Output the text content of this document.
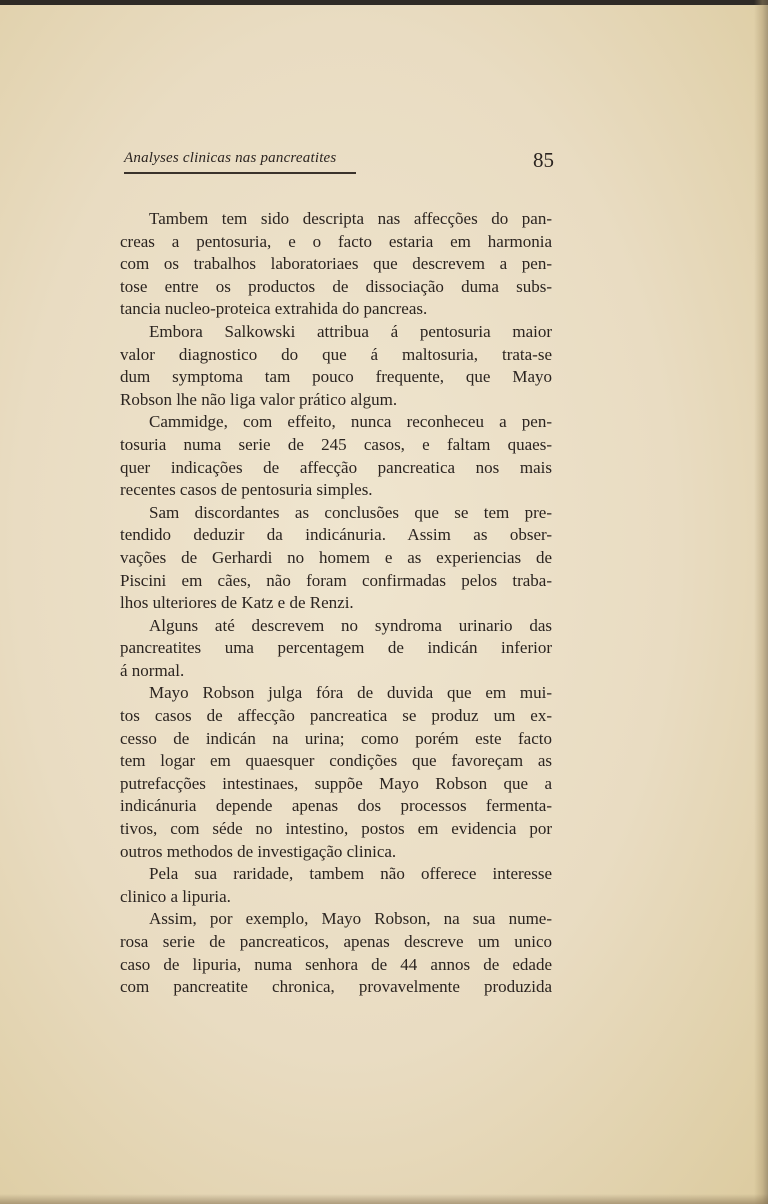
Analyses clinicas nas pancreatites	85
Tambem tem sido descripta nas affecções do pan-
creas a pentosuria, e o facto estaria em harmonia
com os trabalhos laboratoriaes que descrevem a pen-
tose entre os productos de dissociação duma subs-
tancia nucleo-proteica extrahida do pancreas.
Embora Salkowski attribua á pentosuria maior
valor diagnostico do que á maltosuria, trata-se
dum symptoma tam pouco frequente, que Mayo
Robson lhe não liga valor prático algum.
Cammidge, com effeito, nunca reconheceu a pen-
tosuria numa serie de 245 casos, e faltam quaes-
quer indicações de affecção pancreatica nos mais
recentes casos de pentosuria simples.
Sam discordantes as conclusões que se tem pre-
tendido deduzir da indicánuria. Assim as obser-
vações de Gerhardi no homem e as experiencias de
Piscini em cães, não foram confirmadas pelos traba-
lhos ulteriores de Katz e de Renzi.
Alguns até descrevem no syndroma urinario das
pancreatites uma percentagem de indicán inferior
á normal.
Mayo Robson julga fóra de duvida que em mui-
tos casos de affecção pancreatica se produz um ex-
cesso de indicán na urina; como porém este facto
tem logar em quaesquer condições que favoreçam as
putrefacções intestinaes, suppõe Mayo Robson que a
indicánuria depende apenas dos processos fermenta-
tivos, com séde no intestino, postos em evidencia por
outros methodos de investigação clinica.
Pela sua raridade, tambem não offerece interesse
clinico a lipuria.
Assim, por exemplo, Mayo Robson, na sua nume-
rosa serie de pancreaticos, apenas descreve um unico
caso de lipuria, numa senhora de 44 annos de edade
com pancreatite chronica, provavelmente produzida
